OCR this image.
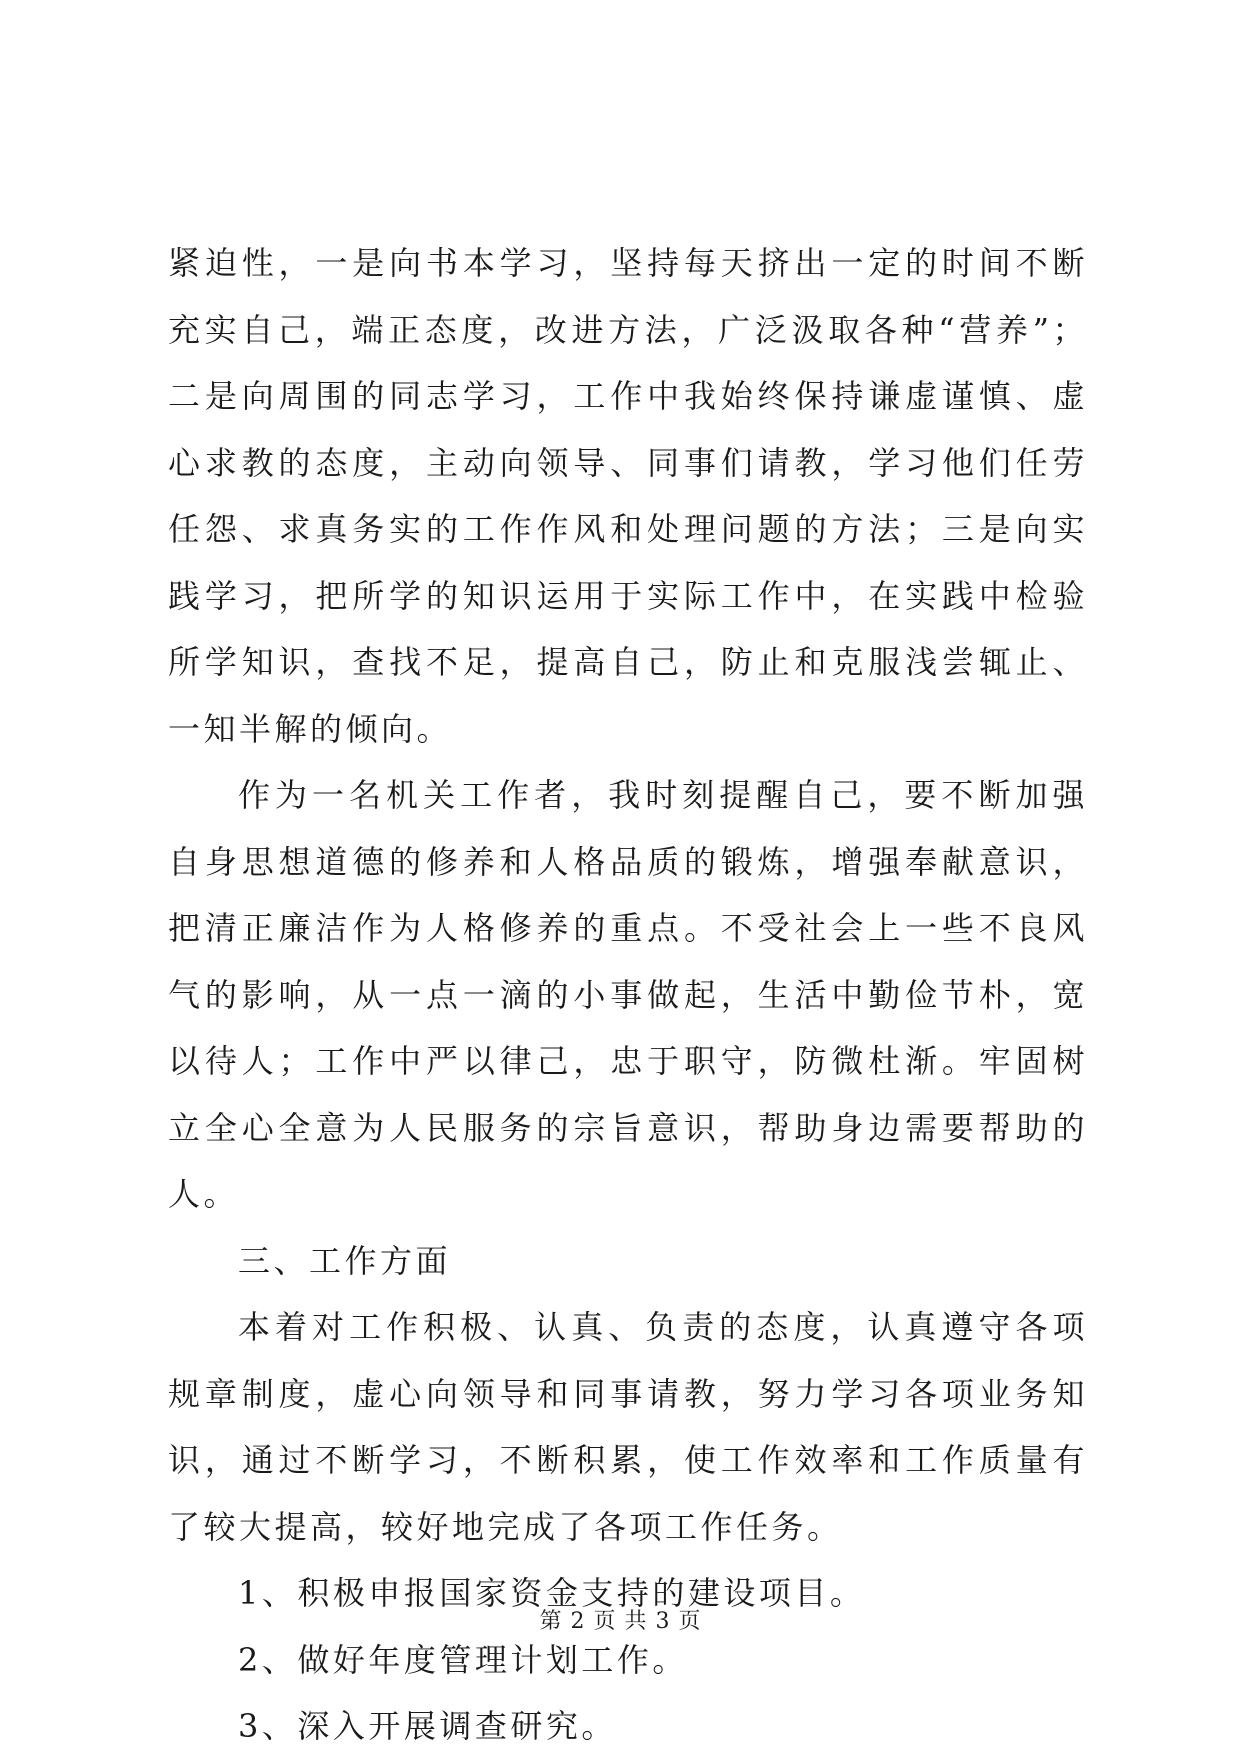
紧迫性，一是向书本学习，坚持每天挤出一定的时间不断充实自己，端正态度，改进方法，广泛汲取各种“营养”；二是向周围的同志学习，工作中我始终保持谦虚谨慎、虚心求教的态度，主动向领导、同事们请教，学习他们任劳任怨、求真务实的工作作风和处理问题的方法；三是向实践学习，把所学的知识运用于实际工作中，在实践中检验所学知识，查找不足，提高自己，防止和克服浅尝辄止、一知半解的倾向。

作为一名机关工作者，我时刻提醒自己，要不断加强自身思想道德的修养和人格品质的锻炼，增强奉献意识，把清正廉洁作为人格修养的重点。不受社会上一些不良风气的影响，从一点一滴的小事做起，生活中勤俭节朴，宽以待人；工作中严以律己，忠于职守，防微杜渐。牢固树立全心全意为人民服务的宗旨意识，帮助身边需要帮助的人。

三、工作方面

本着对工作积极、认真、负责的态度，认真遵守各项规章制度，虚心向领导和同事请教，努力学习各项业务知识，通过不断学习，不断积累，使工作效率和工作质量有了较大提高，较好地完成了各项工作任务。

1、积极申报国家资金支持的建设项目。

2、做好年度管理计划工作。

3、深入开展调查研究。

第 2 页 共 3 页
